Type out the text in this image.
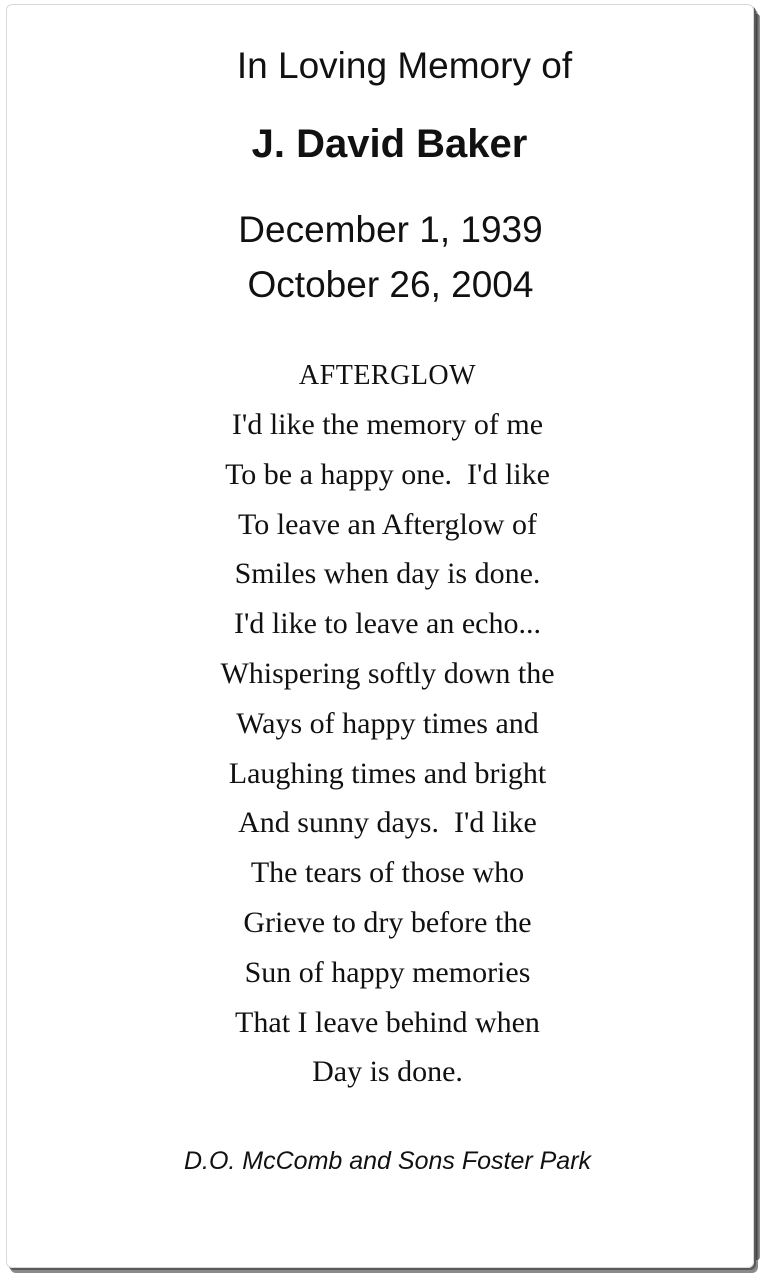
In Loving Memory of
J. David Baker
December 1, 1939
October 26, 2004
AFTERGLOW
I'd like the memory of me
To be a happy one.  I'd like
To leave an Afterglow of
Smiles when day is done.
I'd like to leave an echo...
Whispering softly down the
Ways of happy times and
Laughing times and bright
And sunny days.  I'd like
The tears of those who
Grieve to dry before the
Sun of happy memories
That I leave behind when
Day is done.
D.O. McComb and Sons Foster Park
